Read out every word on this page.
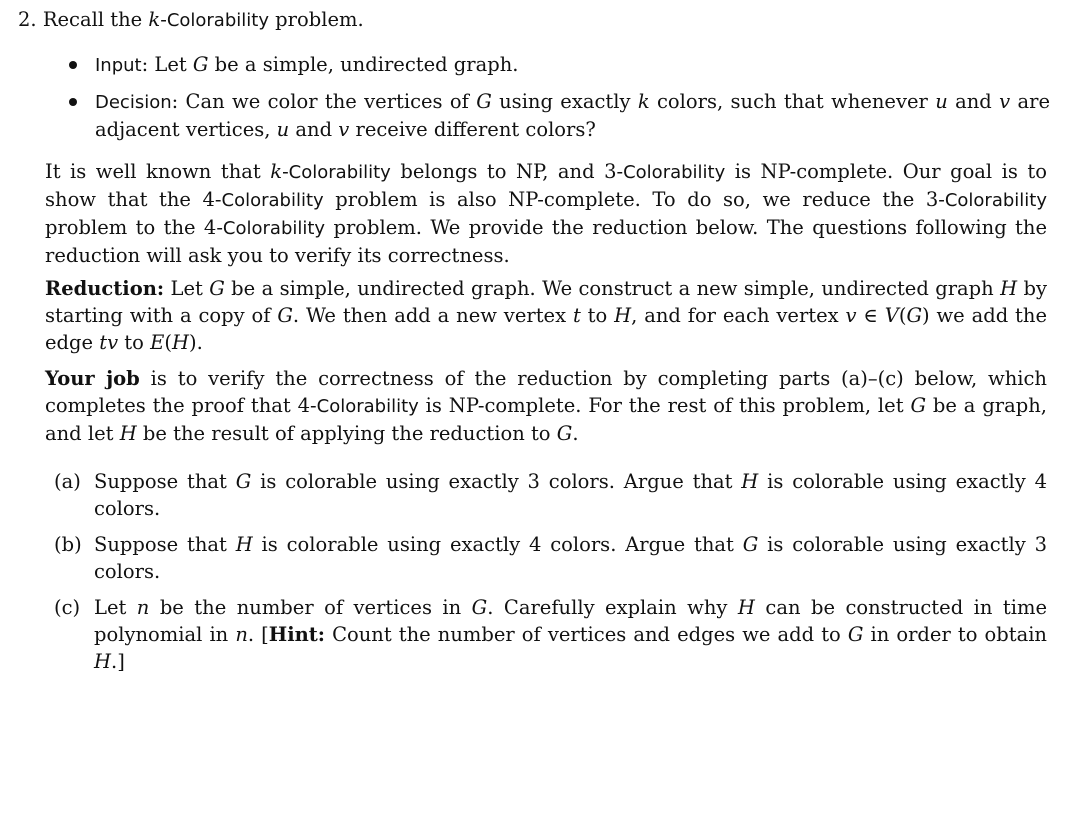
2. Recall the k-Colorability problem.
Input: Let G be a simple, undirected graph.
Decision: Can we color the vertices of G using exactly k colors, such that whenever u and v are adjacent vertices, u and v receive different colors?

It is well known that k-Colorability belongs to NP, and 3-Colorability is NP-complete. Our goal is to show that the 4-Colorability problem is also NP-complete. To do so, we reduce the 3-Colorability problem to the 4-Colorability problem. We provide the reduction below. The questions following the reduction will ask you to verify its correctness.

Reduction: Let G be a simple, undirected graph. We construct a new simple, undirected graph H by starting with a copy of G. We then add a new vertex t to H, and for each vertex v ∈ V(G) we add the edge tv to E(H).

Your job is to verify the correctness of the reduction by completing parts (a)–(c) below, which completes the proof that 4-Colorability is NP-complete. For the rest of this problem, let G be a graph, and let H be the result of applying the reduction to G.

(a) Suppose that G is colorable using exactly 3 colors. Argue that H is colorable using exactly 4 colors.
(b) Suppose that H is colorable using exactly 4 colors. Argue that G is colorable using exactly 3 colors.
(c) Let n be the number of vertices in G. Carefully explain why H can be constructed in time polynomial in n. [Hint: Count the number of vertices and edges we add to G in order to obtain H.]
